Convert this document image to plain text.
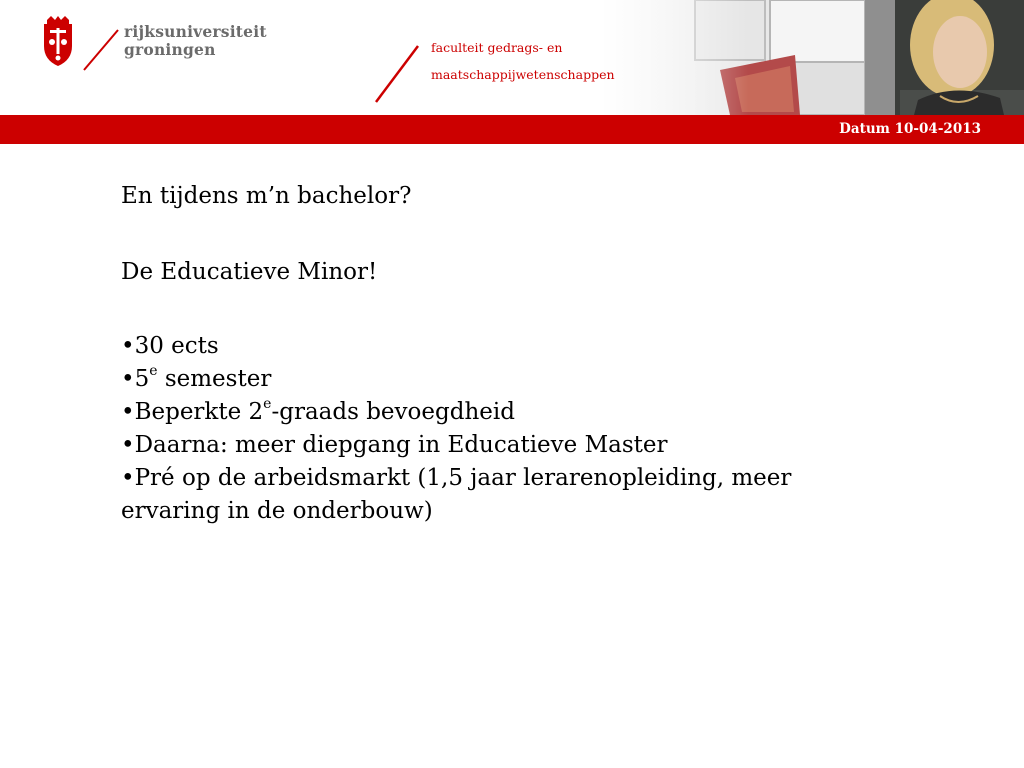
rijksuniversiteit
groningen	faculteit gedrags- en
maatschappijwetenschappen
Datum 10-04-2013

En tijdens m’n bachelor?

De Educatieve Minor!

•30 ects

•5e semester

•Beperkte 2e-graads bevoegdheid

•Daarna: meer diepgang in Educatieve Master

•Pré op de arbeidsmarkt (1,5 jaar lerarenopleiding, meer ervaring in de onderbouw)
